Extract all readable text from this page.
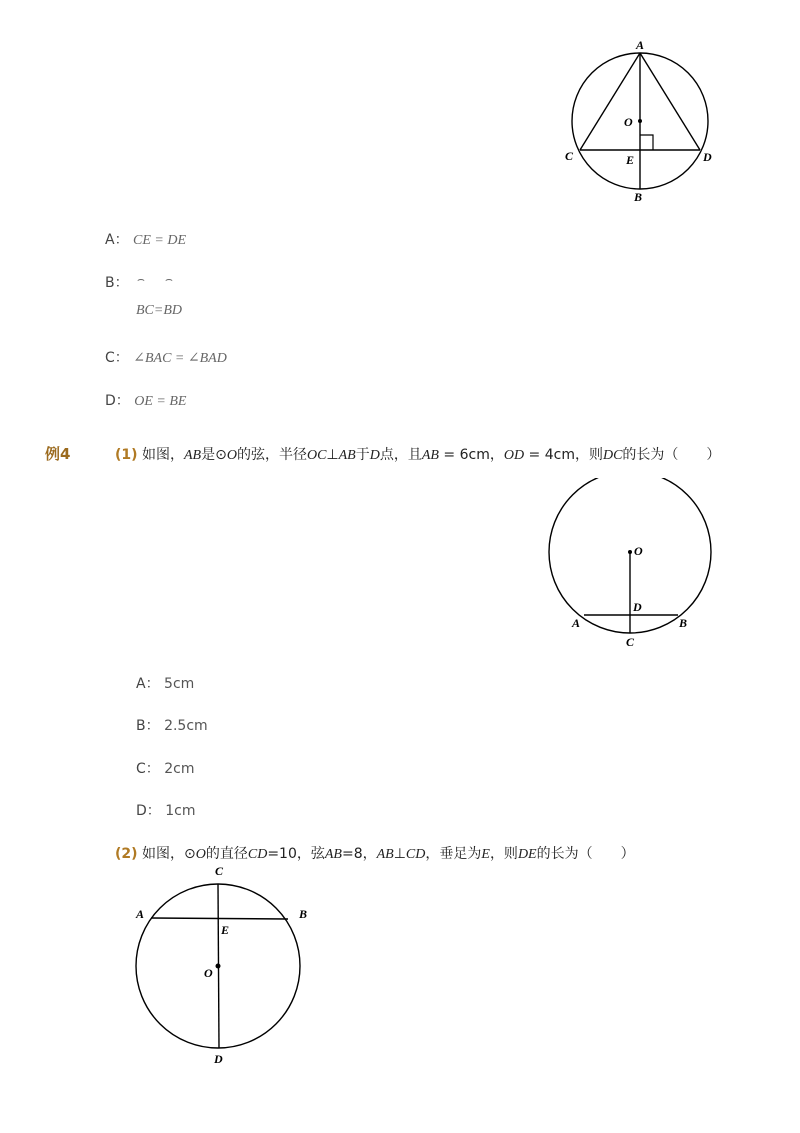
A
O
C	E	D
B
A： CE = DE
B： ⌢ ⌢
BC=BD
C： ∠BAC = ∠BAD
D： OE = BE
例4	(1) 如图，AB是⊙O的弦，半径OC⊥AB于D点，且AB = 6cm，OD = 4cm，则DC的长为（　　）
O
D
A	B
C
A： 5cm
B： 2.5cm
C： 2cm
D： 1cm
(2) 如图，⊙O的直径CD=10，弦AB=8，AB⊥CD，垂足为E，则DE的长为（　　）
C
A	B
E
O
D
